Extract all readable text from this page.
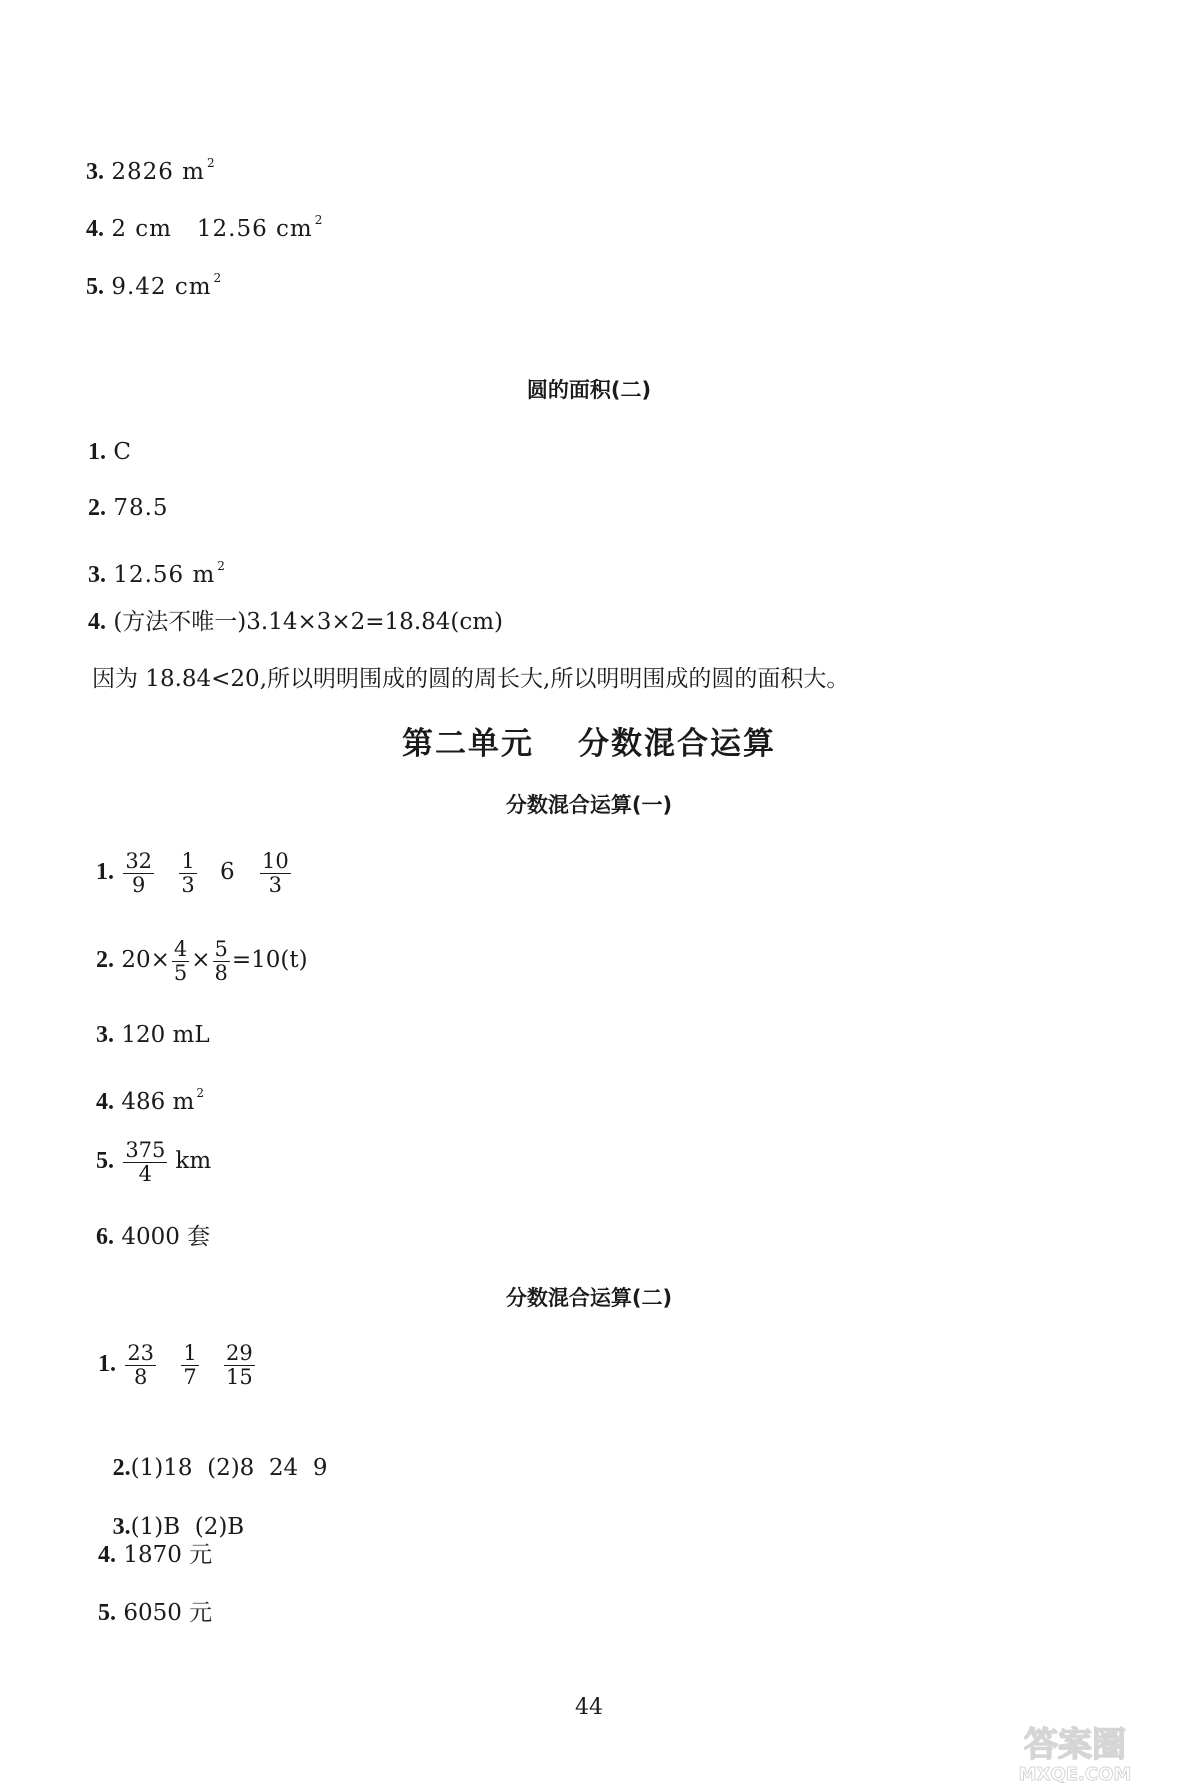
3. 2826 m $^2$
4. 2 cm   12.56 cm $^2$
5. 9.42 cm $^2$
圆的面积(二)
1. C
2. 78.5
3. 12.56 m $^2$
4. (方法不唯一)3.14×3×2=18.84(cm)
因为 18.84<20,所以明明围成的圆的周长大,所以明明围成的圆的面积大。
第二单元 分数混合运算
分数混合运算(一)
1. $\frac{32}{9}$
$\frac{1}{3} 6 \frac{10}{3}$
2. $20\times \frac{4}{5} \times \frac{5}{8} =10(t)$
3. 120 mL
4. 486 m $^2$
5. $\frac{375}{4}$ km
6. 4000 套
分数混合运算(二)
1. $\frac{23}{8}$
$\frac{1}{7}$
$\frac{29}{15}$

2.(1)18  (2)8  24  9

3.(1)B  (2)B

4. 1870 元
5. 6050 元
44
答案圈
MXQE.COM
